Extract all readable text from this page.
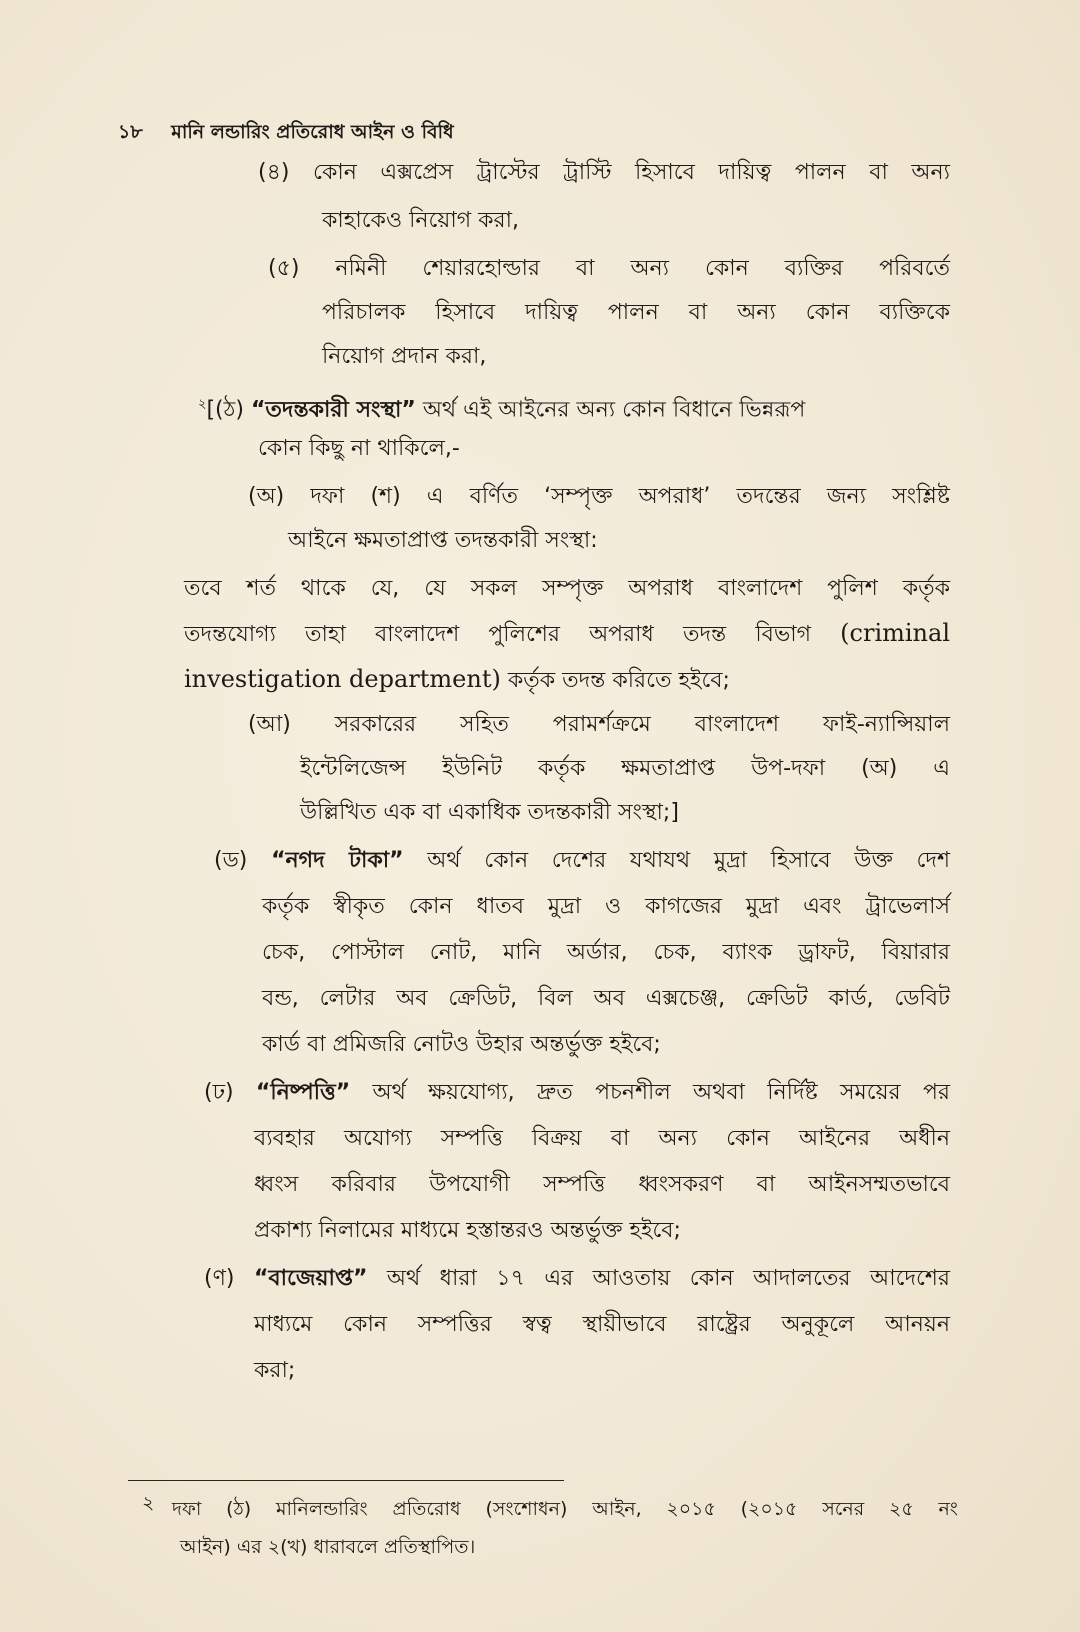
১৮ মানি লন্ডারিং প্রতিরোধ আইন ও বিধি
(৪) কোন এক্সপ্রেস ট্রাস্টের ট্রাস্টি হিসাবে দায়িত্ব পালন বা অন্য
কাহাকেও নিয়োগ করা,
(৫) নমিনী শেয়ারহোল্ডার বা অন্য কোন ব্যক্তির পরিবর্তে
পরিচালক হিসাবে দায়িত্ব পালন বা অন্য কোন ব্যক্তিকে
নিয়োগ প্রদান করা,
$^২$[(ঠ) “তদন্তকারী সংস্থা” অর্থ এই আইনের অন্য কোন বিধানে ভিন্নরূপ
কোন কিছু না থাকিলে,-
(অ) দফা (শ) এ বর্ণিত ‘সম্পৃক্ত অপরাধ’ তদন্তের জন্য সংশ্লিষ্ট
আইনে ক্ষমতাপ্রাপ্ত তদন্তকারী সংস্থা:
তবে শর্ত থাকে যে, যে সকল সম্পৃক্ত অপরাধ বাংলাদেশ পুলিশ কর্তৃক
তদন্তযোগ্য তাহা বাংলাদেশ পুলিশের অপরাধ তদন্ত বিভাগ (criminal
investigation department) কর্তৃক তদন্ত করিতে হইবে;
(আ) সরকারের সহিত পরামর্শক্রমে বাংলাদেশ ফাই-ন্যান্সিয়াল
ইন্টেলিজেন্স ইউনিট কর্তৃক ক্ষমতাপ্রাপ্ত উপ-দফা (অ) এ
উল্লিখিত এক বা একাধিক তদন্তকারী সংস্থা;]
(ড) “নগদ টাকা” অর্থ কোন দেশের যথাযথ মুদ্রা হিসাবে উক্ত দেশ
কর্তৃক স্বীকৃত কোন ধাতব মুদ্রা ও কাগজের মুদ্রা এবং ট্রাভেলার্স
চেক, পোস্টাল নোট, মানি অর্ডার, চেক, ব্যাংক ড্রাফট, বিয়ারার
বন্ড, লেটার অব ক্রেডিট, বিল অব এক্সচেঞ্জ, ক্রেডিট কার্ড, ডেবিট
কার্ড বা প্রমিজরি নোটও উহার অন্তর্ভুক্ত হইবে;
(ঢ) “নিষ্পত্তি” অর্থ ক্ষয়যোগ্য, দ্রুত পচনশীল অথবা নির্দিষ্ট সময়ের পর
ব্যবহার অযোগ্য সম্পত্তি বিক্রয় বা অন্য কোন আইনের অধীন
ধ্বংস করিবার উপযোগী সম্পত্তি ধ্বংসকরণ বা আইনসম্মতভাবে
প্রকাশ্য নিলামের মাধ্যমে হস্তান্তরও অন্তর্ভুক্ত হইবে;
(ণ) “বাজেয়াপ্ত” অর্থ ধারা ১৭ এর আওতায় কোন আদালতের আদেশের
মাধ্যমে কোন সম্পত্তির স্বত্ব স্থায়ীভাবে রাষ্ট্রের অনুকূলে আনয়ন
করা;
২ দফা (ঠ) মানিলন্ডারিং প্রতিরোধ (সংশোধন) আইন, ২০১৫ (২০১৫ সনের ২৫ নং
আইন) এর ২(খ) ধারাবলে প্রতিস্থাপিত।
